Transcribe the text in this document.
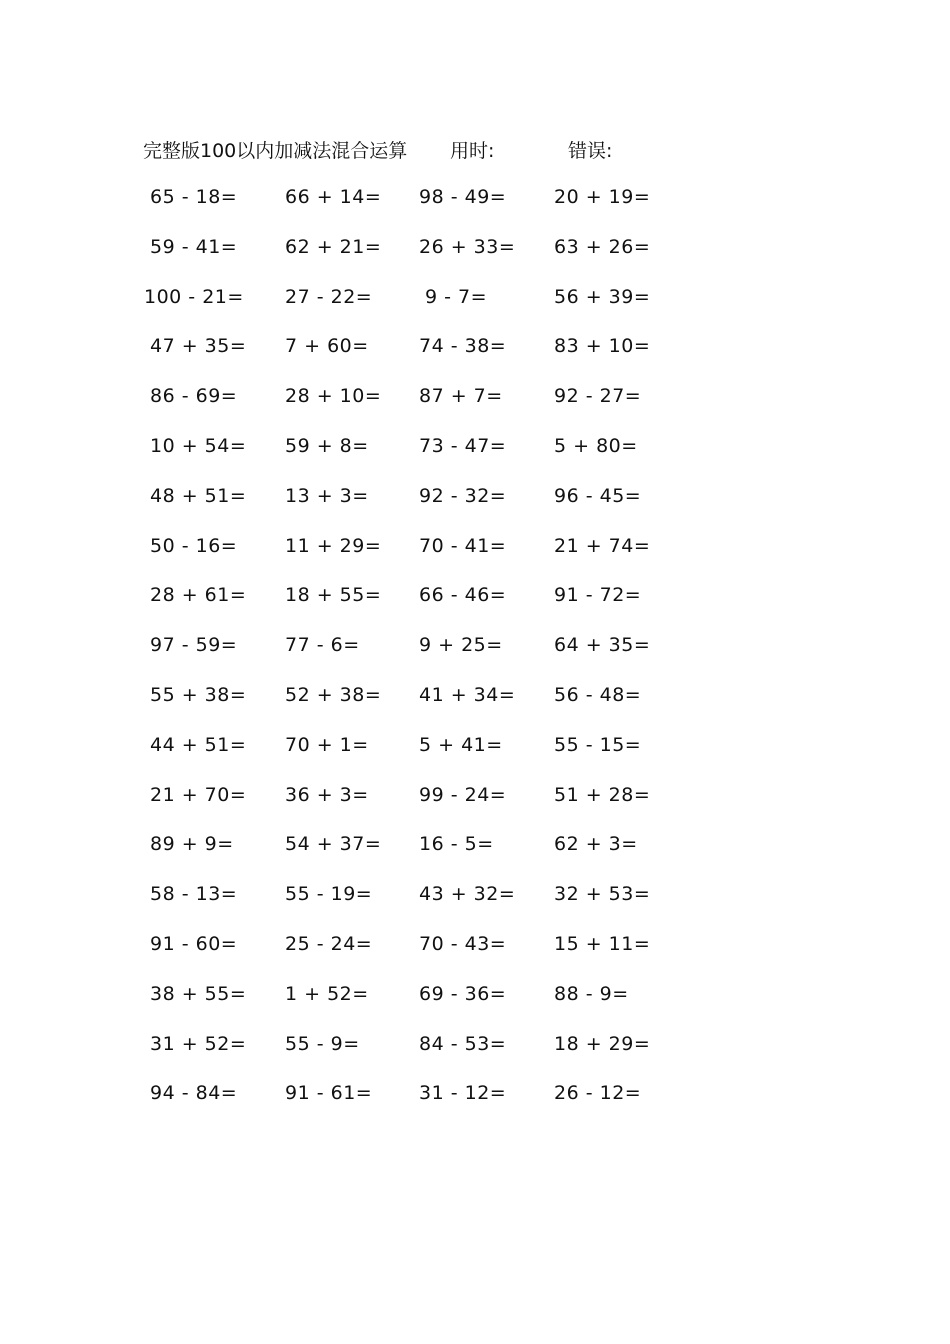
完整版100以内加减法混合运算 用时:	错误:
65 - 18=	66 + 14= 98 - 49=	20 + 19=
59 - 41=	62 + 21= 26 + 33= 63 + 26=
100 - 21= 27 - 22=	9 - 7=	56 + 39=
47 + 35= 7 + 60=	74 - 38=	83 + 10=
86 - 69=	28 + 10= 87 + 7=	92 - 27=
10 + 54= 59 + 8=	73 - 47=	5 + 80=
48 + 51= 13 + 3=	92 - 32=	96 - 45=
50 - 16=	11 + 29= 70 - 41=	21 + 74=
28 + 61= 18 + 55= 66 - 46=	91 - 72=
97 - 59=	77 - 6=	9 + 25=	64 + 35=
55 + 38= 52 + 38= 41 + 34= 56 - 48=
44 + 51= 70 + 1=	5 + 41=	55 - 15=
21 + 70= 36 + 3=	99 - 24=	51 + 28=
89 + 9=	54 + 37= 16 - 5=	62 + 3=
58 - 13=	55 - 19= 43 + 32= 32 + 53=
91 - 60=	25 - 24= 70 - 43=	15 + 11=
38 + 55= 1 + 52=	69 - 36=	88 - 9=
31 + 52= 55 - 9=	84 - 53=	18 + 29=
94 - 84=	91 - 61= 31 - 12=	26 - 12=
